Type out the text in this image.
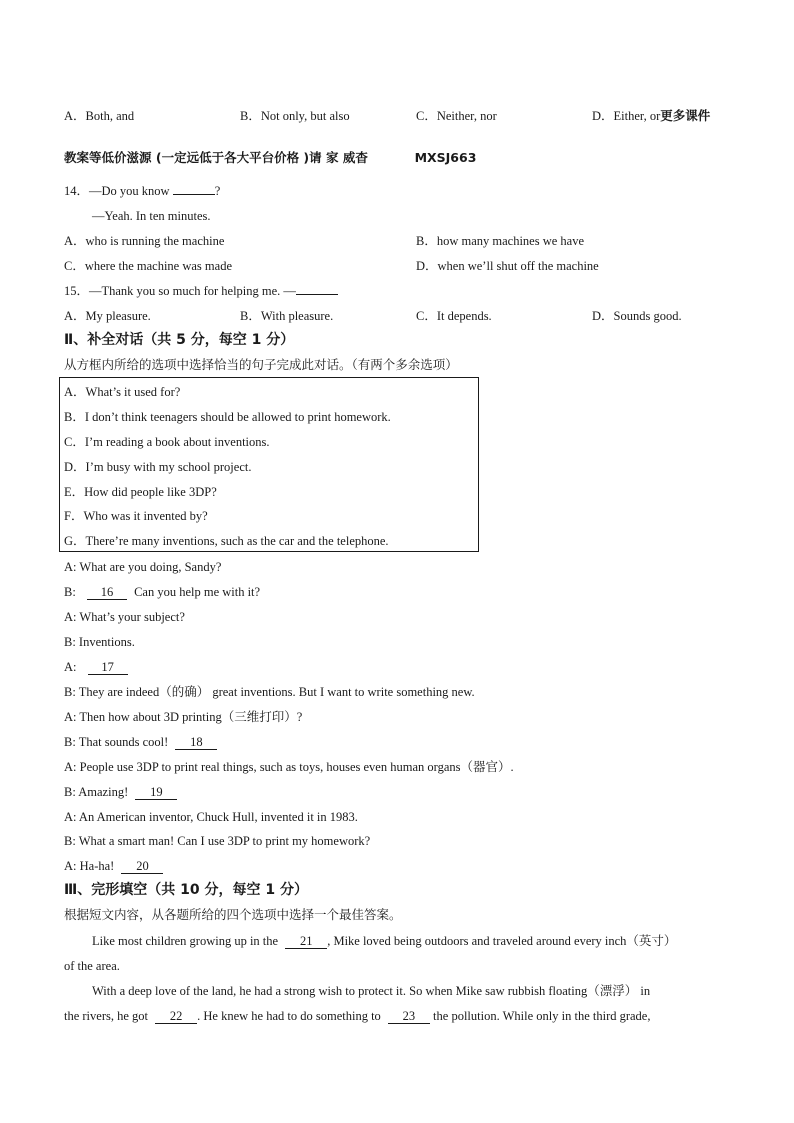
A．Both, and	B．Not only, but also	C．Neither, nor	D．Either, or更多课件
教案等低价滋源 (一定远低于各大平台价格 )请 家 威杳	MXSJ663
14．—Do you know	?
—Yeah. In ten minutes.
A．who is running the machine	B．how many machines we have
C．where the machine was made	D．when we’ll shut off the machine
15．—Thank you so much for helping me. —
A．My pleasure.	B．With pleasure.	C．It depends.	D．Sounds good.
Ⅱ、补全对话（共 5 分，每空 1 分）
从方框内所给的选项中选择恰当的句子完成此对话。（有两个多余选项）
A．What’s it used for?
B．I don’t think teenagers should be allowed to print homework.
C．I’m reading a book about inventions.
D．I’m busy with my school project.
E．How did people like 3DP?
F．Who was it invented by?
G．There’re many inventions, such as the car and the telephone.
A: What are you doing, Sandy?
B: 16 Can you help me with it?
A: What’s your subject?
B: Inventions.
A: 17
B: They are indeed（的确） great inventions. But I want to write something new.
A: Then how about 3D printing（三维打印）?
B: That sounds cool! 18
A: People use 3DP to print real things, such as toys, houses even human organs（器官）.
B: Amazing! 19
A: An American inventor, Chuck Hull, invented it in 1983.
B: What a smart man! Can I use 3DP to print my homework?
A: Ha-ha! 20
Ⅲ、完形填空（共 10 分，每空 1 分）
根据短文内容，从各题所给的四个选项中选择一个最佳答案。
Like most children growing up in the 21 , Mike loved being outdoors and traveled around every inch（英寸）
of the area.
With a deep love of the land, he had a strong wish to protect it. So when Mike saw rubbish floating（漂浮） in
the rivers, he got 22 . He knew he had to do something to 23 the pollution. While only in the third grade,
